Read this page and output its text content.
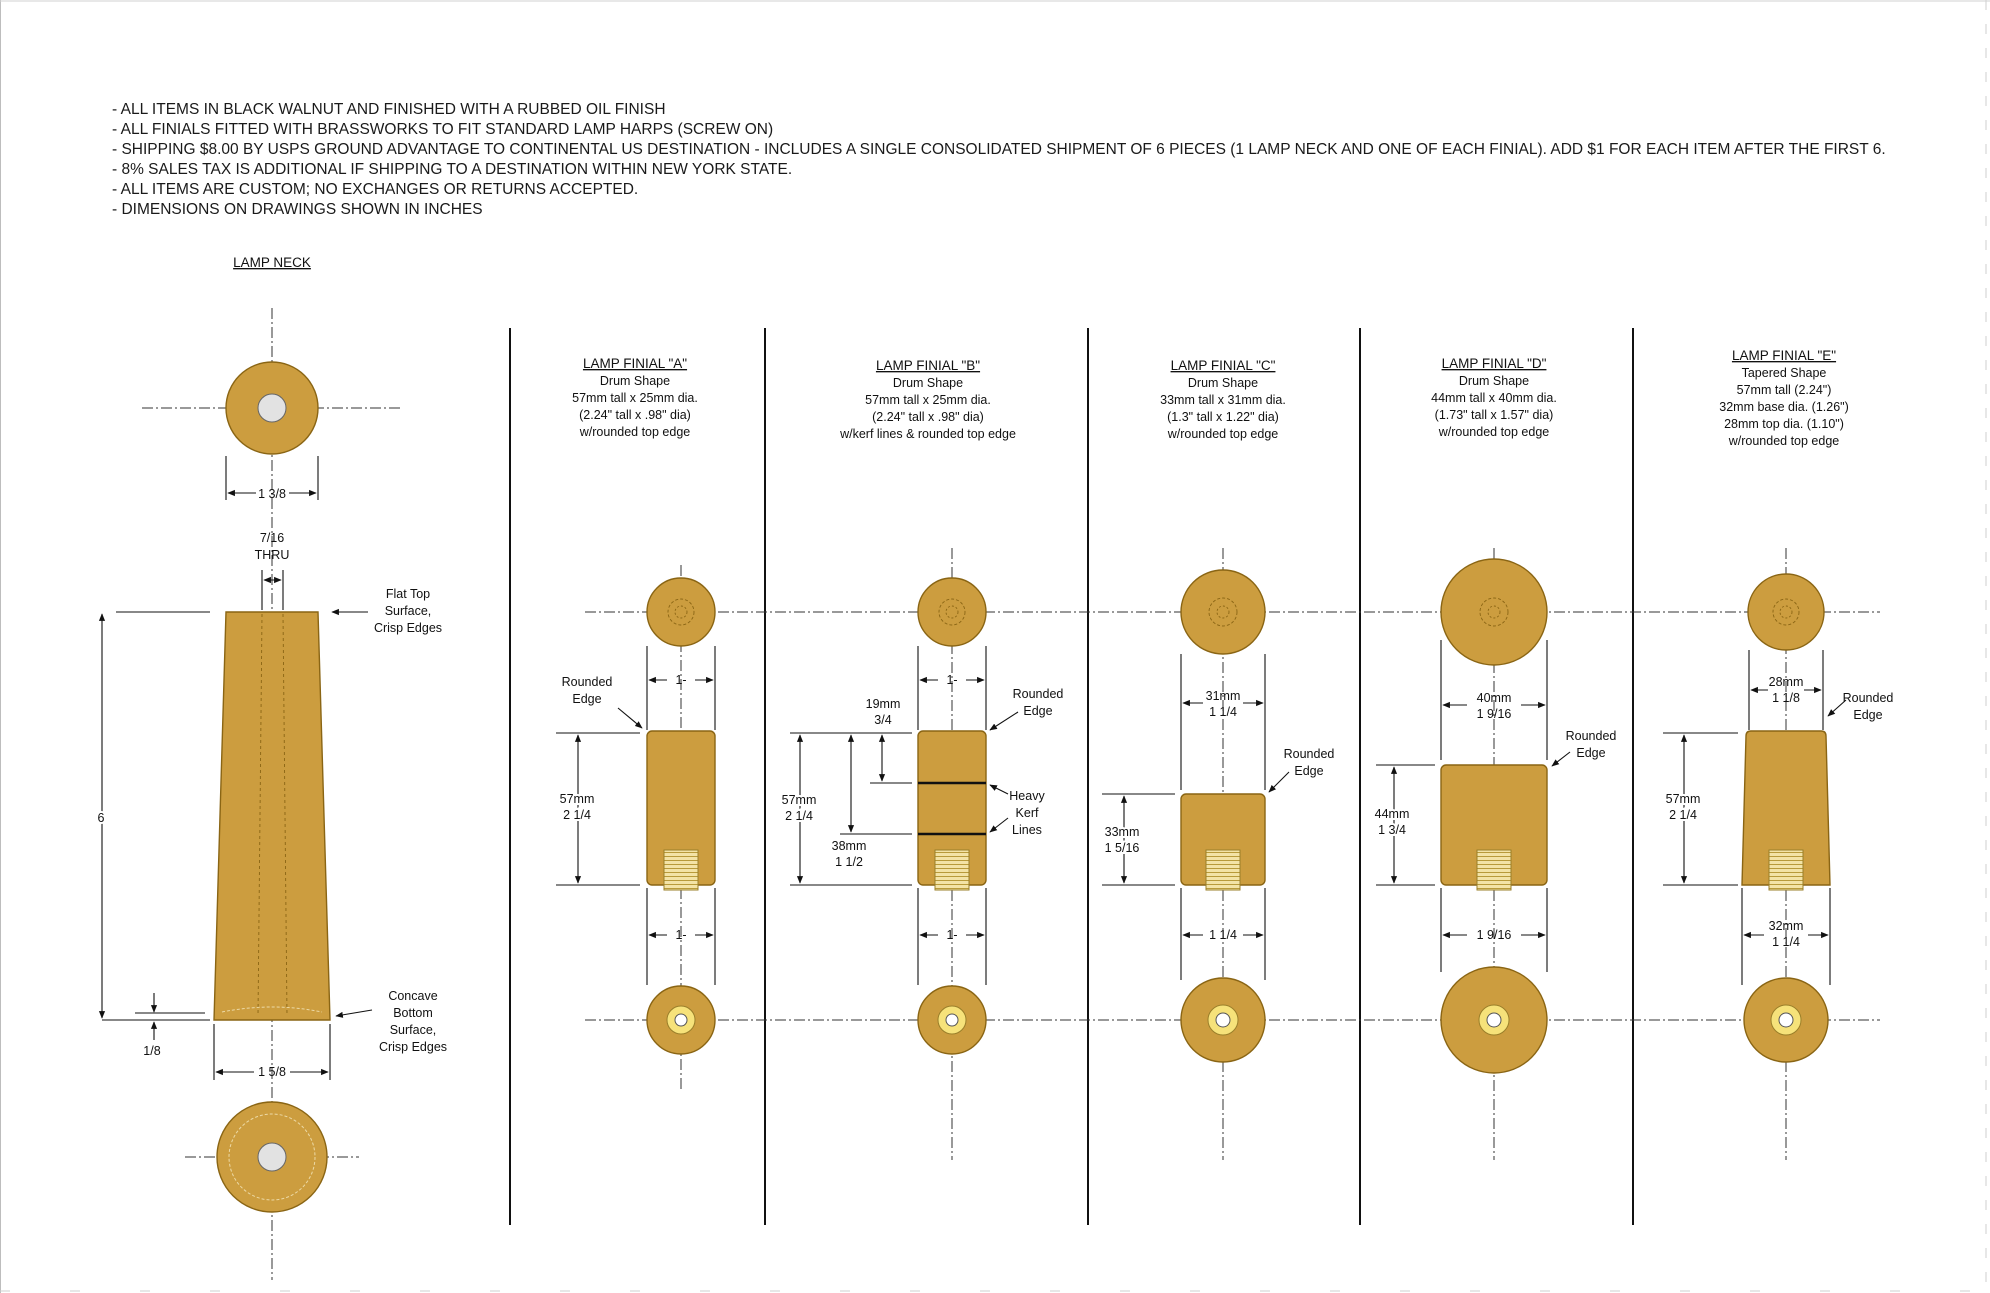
- ALL ITEMS IN BLACK WALNUT AND FINISHED WITH A RUBBED OIL FINISH
- ALL FINIALS FITTED WITH BRASSWORKS TO FIT STANDARD LAMP HARPS (SCREW ON)
- SHIPPING $8.00 BY USPS GROUND ADVANTAGE TO CONTINENTAL US DESTINATION - INCLUDES A SINGLE CONSOLIDATED SHIPMENT OF 6 PIECES (1 LAMP NECK AND ONE OF EACH FINIAL). ADD $1 FOR EACH ITEM AFTER THE FIRST 6.
- 8% SALES TAX IS ADDITIONAL IF SHIPPING TO A DESTINATION WITHIN NEW YORK STATE.
- ALL ITEMS ARE CUSTOM; NO EXCHANGES OR RETURNS ACCEPTED.
- DIMENSIONS ON DRAWINGS SHOWN IN INCHES
LAMP NECK
1 3/8
7/16
THRU
6
Flat Top
Surface,
Crisp Edges
1/8
Concave
Bottom
Surface,
Crisp Edges
1 5/8
LAMP FINIAL "A"
Drum Shape
57mm tall x 25mm dia.
(2.24" tall x .98" dia)
w/rounded top edge
1-
Rounded
Edge
57mm
2 1/4
1-
LAMP FINIAL "B"
Drum Shape
57mm tall x 25mm dia.
(2.24" tall x .98" dia)
w/kerf lines & rounded top edge
1-
Rounded
Edge
Heavy
Kerf
Lines
19mm
3/4
57mm
2 1/4
38mm
1 1/2
1-
LAMP FINIAL "C"
Drum Shape
33mm tall x 31mm dia.
(1.3" tall x 1.22" dia)
w/rounded top edge
31mm
1 1/4
Rounded
Edge
33mm
1 5/16
1 1/4
LAMP FINIAL "D"
Drum Shape
44mm tall x 40mm dia.
(1.73" tall x 1.57" dia)
w/rounded top edge
40mm
1 9/16
Rounded
Edge
44mm
1 3/4
1 9/16
LAMP FINIAL "E"
Tapered Shape
57mm tall (2.24")
32mm base dia. (1.26")
28mm top dia. (1.10")
w/rounded top edge
28mm
1 1/8	Rounded
Edge
57mm
2 1/4
32mm
1 1/4
